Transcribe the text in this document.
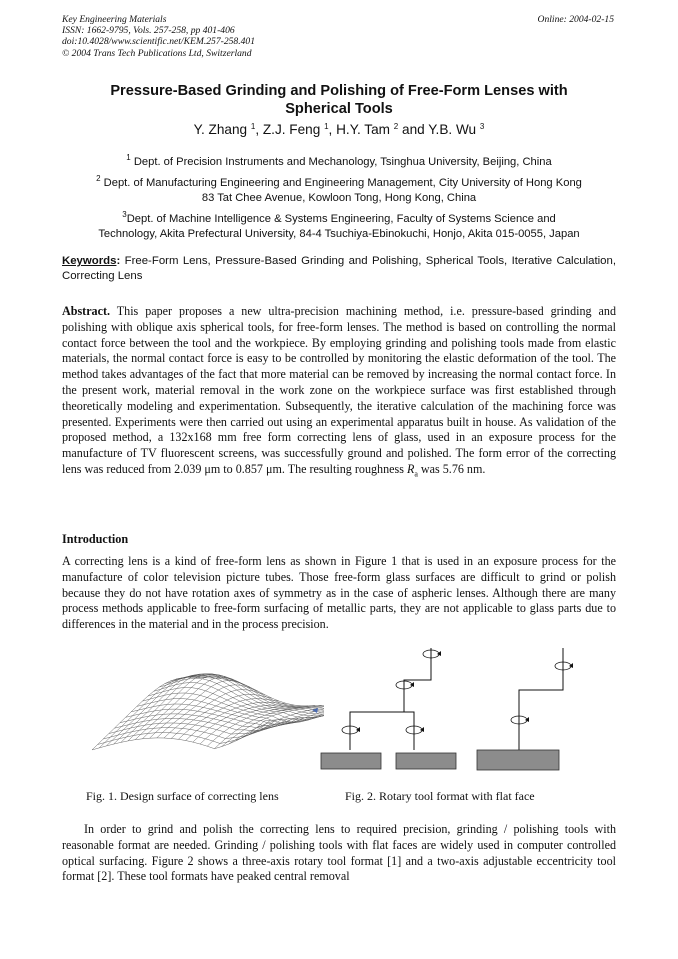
Key Engineering Materials
ISSN: 1662-9795, Vols. 257-258, pp 401-406
doi:10.4028/www.scientific.net/KEM.257-258.401
© 2004 Trans Tech Publications Ltd, Switzerland
Online: 2004-02-15
Pressure-Based Grinding and Polishing of Free-Form Lenses with
Spherical Tools
Y. Zhang $^1$, Z.J. Feng $^1$, H.Y. Tam $^2$ and Y.B. Wu $^3$
$^1$ Dept. of Precision Instruments and Mechanology, Tsinghua University, Beijing, China
$^2$ Dept. of Manufacturing Engineering and Engineering Management, City University of Hong Kong
83 Tat Chee Avenue, Kowloon Tong, Hong Kong, China
$^3$Dept. of Machine Intelligence & Systems Engineering, Faculty of Systems Science and
Technology, Akita Prefectural University, 84-4 Tsuchiya-Ebinokuchi, Honjo, Akita 015-0055, Japan
Keywords: Free-Form Lens, Pressure-Based Grinding and Polishing, Spherical Tools, Iterative Calculation, Correcting Lens
Abstract. This paper proposes a new ultra-precision machining method, i.e. pressure-based grinding and polishing with oblique axis spherical tools, for free-form lenses. The method is based on controlling the normal contact force between the tool and the workpiece. By employing grinding and polishing tools made from elastic materials, the normal contact force is easy to be controlled by monitoring the elastic deformation of the tool. The method takes advantages of the fact that more material can be removed by increasing the normal contact force. In the present work, material removal in the work zone on the workpiece surface was first established through theoretically modeling and experimentation. Subsequently, the iterative calculation of the machining force was presented. Experiments were then carried out using an experimental apparatus built in house. As validation of the proposed method, a 132x168 mm free form correcting lens of glass, used in an exposure process for the manufacture of TV fluorescent screens, was successfully ground and polished. The form error of the correcting lens was reduced from 2.039 μm to 0.857 μm. The resulting roughness $R_a$ was 5.76 nm.
Introduction
A correcting lens is a kind of free-form lens as shown in Figure 1 that is used in an exposure process for the manufacture of color television picture tubes. Those free-form glass surfaces are difficult to grind or polish because they do not have rotation axes of symmetry as in the case of aspheric lenses. Although there are many process methods applicable to free-form surfacing of metallic parts, they are not applicable to glass parts due to differences in the material and in the process precision.
Fig. 1. Design surface of correcting lens	Fig. 2. Rotary tool format with flat face
In order to grind and polish the correcting lens to required precision, grinding / polishing tools with reasonable format are needed. Grinding / polishing tools with flat faces are widely used in computer controlled optical surfacing. Figure 2 shows a three-axis rotary tool format [1] and a two-axis adjustable eccentricity tool format [2]. These tool formats have peaked central removal
